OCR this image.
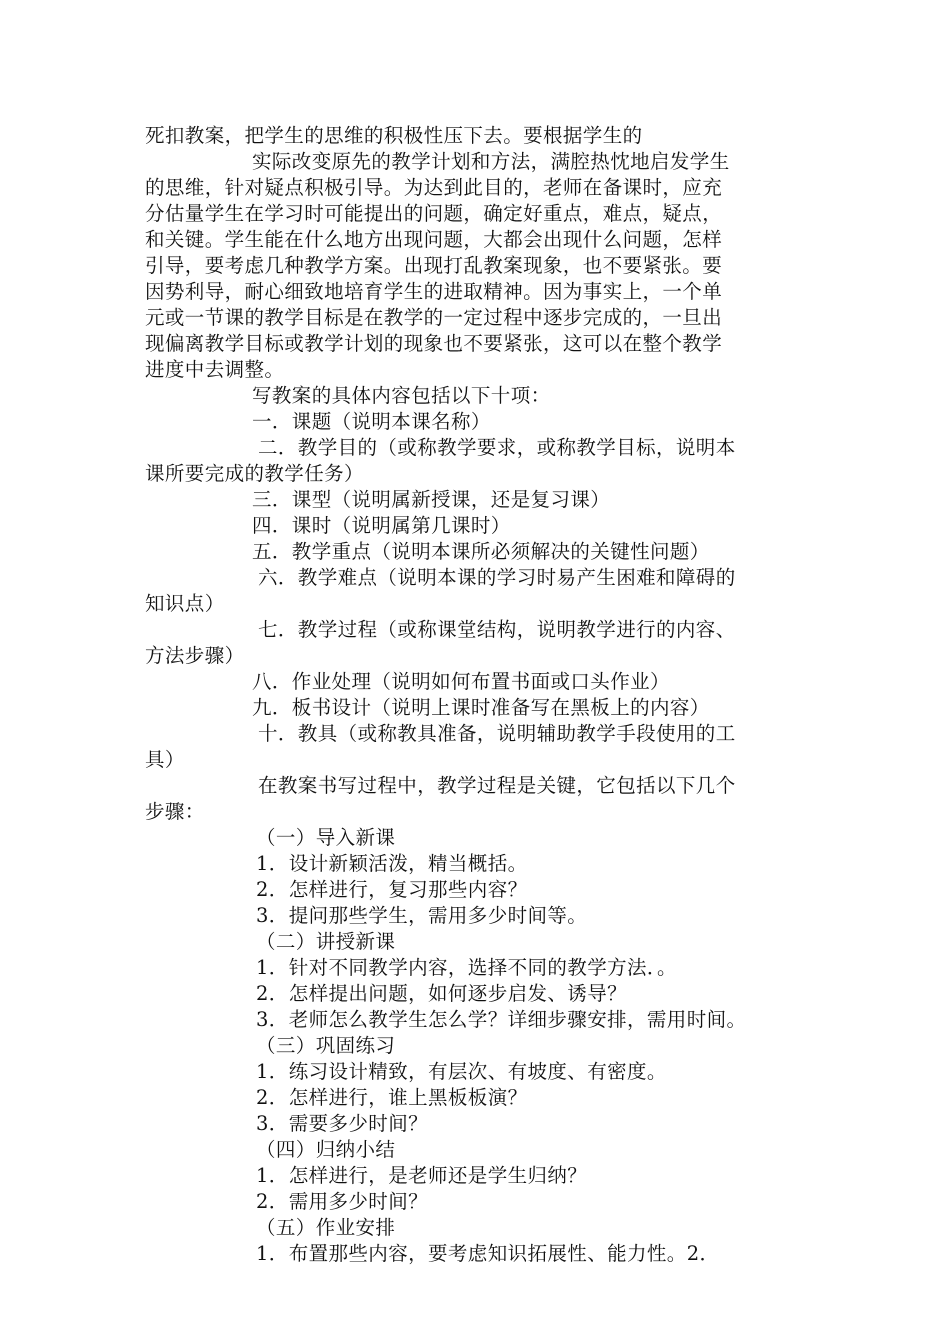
死扣教案，把学生的思维的积极性压下去。要根据学生的
实际改变原先的教学计划和方法，满腔热忱地启发学生
的思维，针对疑点积极引导。为达到此目的，老师在备课时，应充
分估量学生在学习时可能提出的问题，确定好重点，难点，疑点，
和关键。学生能在什么地方出现问题，大都会出现什么问题，怎样
引导，要考虑几种教学方案。出现打乱教案现象，也不要紧张。要
因势利导，耐心细致地培育学生的进取精神。因为事实上，一个单
元或一节课的教学目标是在教学的一定过程中逐步完成的，一旦出
现偏离教学目标或教学计划的现象也不要紧张，这可以在整个教学
进度中去调整。
写教案的具体内容包括以下十项：
一．课题（说明本课名称）
二．教学目的（或称教学要求，或称教学目标，说明本
课所要完成的教学任务）
三．课型（说明属新授课，还是复习课）
四．课时（说明属第几课时）
五．教学重点（说明本课所必须解决的关键性问题）
六．教学难点（说明本课的学习时易产生困难和障碍的
知识点）
七．教学过程（或称课堂结构，说明教学进行的内容、
方法步骤）
八．作业处理（说明如何布置书面或口头作业）
九．板书设计（说明上课时准备写在黑板上的内容）
十．教具（或称教具准备，说明辅助教学手段使用的工
具）
在教案书写过程中，教学过程是关键，它包括以下几个
步骤：
（一）导入新课
1．设计新颖活泼，精当概括。
2．怎样进行，复习那些内容？
3．提问那些学生，需用多少时间等。
（二）讲授新课
1．针对不同教学内容，选择不同的教学方法．。
2．怎样提出问题，如何逐步启发、诱导？
3．老师怎么教学生怎么学？详细步骤安排，需用时间。
（三）巩固练习
1．练习设计精致，有层次、有坡度、有密度。
2．怎样进行，谁上黑板板演？
3．需要多少时间？
（四）归纳小结
1．怎样进行，是老师还是学生归纳？
2．需用多少时间？
（五）作业安排
1．布置那些内容，要考虑知识拓展性、能力性。2．
